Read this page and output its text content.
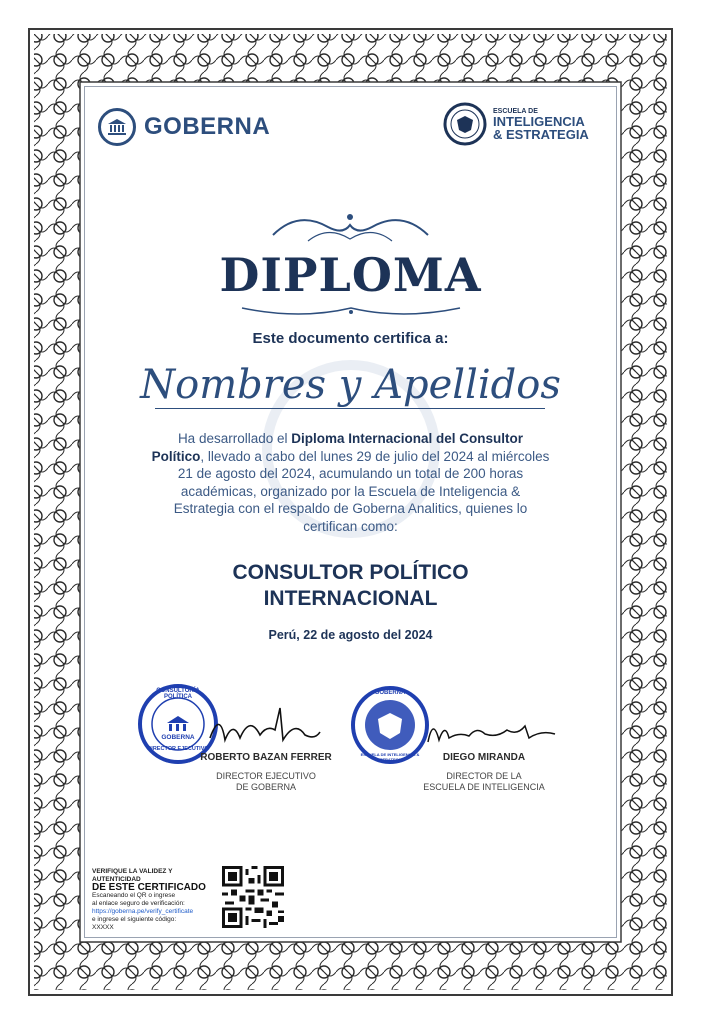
GOBERNA
ESCUELA DE
INTELIGENCIA
& ESTRATEGIA
DIPLOMA
Este documento certifica a:
Nombres y Apellidos
Ha desarrollado el Diploma Internacional del Consultor Político, llevado a cabo del lunes 29 de julio del 2024 al miércoles 21 de agosto del 2024, acumulando un total de 200 horas académicas, organizado por la Escuela de Inteligencia & Estrategia con el respaldo de Goberna Analitics, quienes lo certifican como:
CONSULTOR POLÍTICO
INTERNACIONAL
Perú, 22 de agosto del 2024
CONSULTORÍA POLÍTICA
GOBERNA
DIRECTOR EJECUTIVO
ROBERTO BAZAN FERRER
DIRECTOR EJECUTIVO
DE GOBERNA
GOBERNA
ESCUELA DE INTELIGENCIA & ESTRATEGIA	DIEGO MIRANDA
DIRECTOR DE LA
ESCUELA DE INTELIGENCIA
VERIFIQUE LA VALIDEZ Y AUTENTICIDAD
DE ESTE CERTIFICADO
Escaneando el QR o ingrese
al enlace seguro de verificación:
https://goberna.pe/verify_certificate
e ingrese el siguiente código:
XXXXX
